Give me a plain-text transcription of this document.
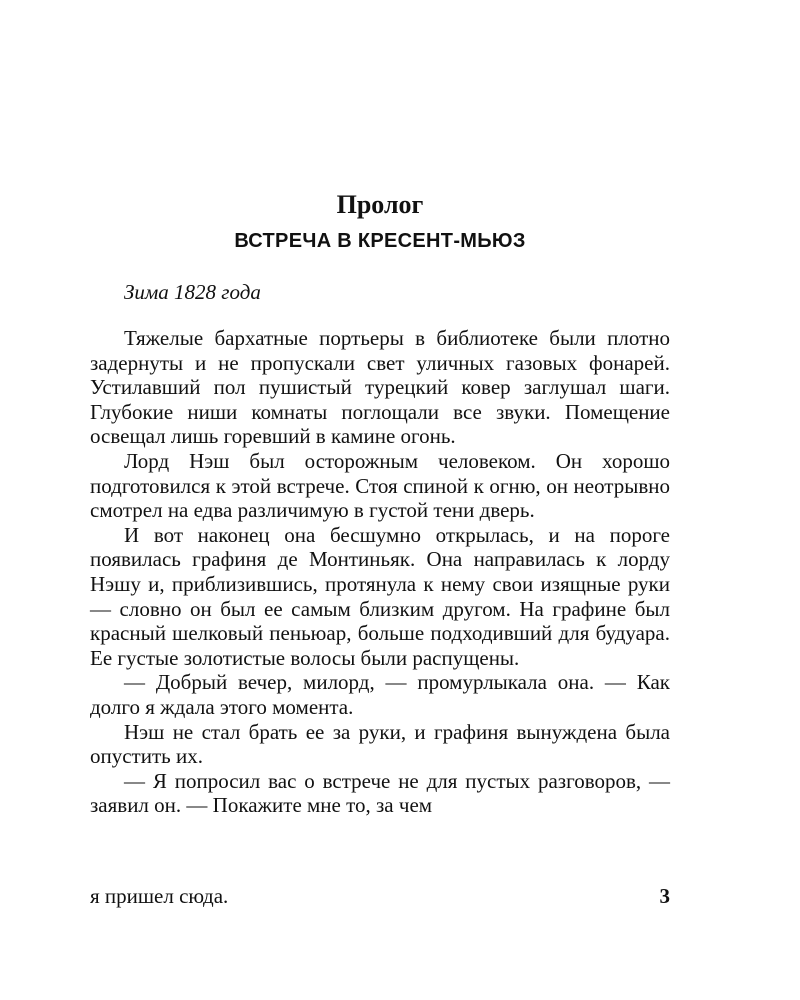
Пролог
ВСТРЕЧА В КРЕСЕНТ-МЬЮЗ

Зима 1828 года

Тяжелые бархатные портьеры в библиотеке были плотно задернуты и не пропускали свет уличных газовых фонарей. Устилавший пол пушистый турецкий ковер заглушал шаги. Глубокие ниши комнаты поглощали все звуки. Помещение освещал лишь горевший в камине огонь.

Лорд Нэш был осторожным человеком. Он хорошо подготовился к этой встрече. Стоя спиной к огню, он неотрывно смотрел на едва различимую в густой тени дверь.

И вот наконец она бесшумно открылась, и на пороге появилась графиня де Монтиньяк. Она направилась к лорду Нэшу и, приблизившись, протянула к нему свои изящные руки — словно он был ее самым близким другом. На графине был красный шелковый пеньюар, больше подходивший для будуара. Ее густые золотистые волосы были распущены.

— Добрый вечер, милорд, — промурлыкала она. — Как долго я ждала этого момента.

Нэш не стал брать ее за руки, и графиня вынуждена была опустить их.

— Я попросил вас о встрече не для пустых разговоров, — заявил он. — Покажите мне то, за чем

я пришел сюда.	3
